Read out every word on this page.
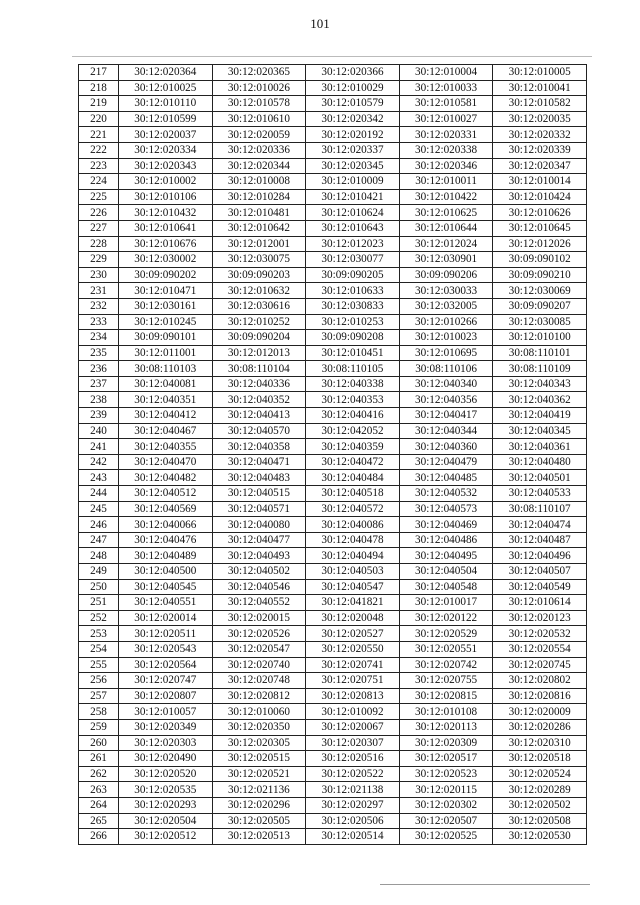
101
217	30:12:020364	30:12:020365	30:12:020366	30:12:010004	30:12:010005
218	30:12:010025	30:12:010026	30:12:010029	30:12:010033	30:12:010041
219	30:12:010110	30:12:010578	30:12:010579	30:12:010581	30:12:010582
220	30:12:010599	30:12:010610	30:12:020342	30:12:010027	30:12:020035
221	30:12:020037	30:12:020059	30:12:020192	30:12:020331	30:12:020332
222	30:12:020334	30:12:020336	30:12:020337	30:12:020338	30:12:020339
223	30:12:020343	30:12:020344	30:12:020345	30:12:020346	30:12:020347
224	30:12:010002	30:12:010008	30:12:010009	30:12:010011	30:12:010014
225	30:12:010106	30:12:010284	30:12:010421	30:12:010422	30:12:010424
226	30:12:010432	30:12:010481	30:12:010624	30:12:010625	30:12:010626
227	30:12:010641	30:12:010642	30:12:010643	30:12:010644	30:12:010645
228	30:12:010676	30:12:012001	30:12:012023	30:12:012024	30:12:012026
229	30:12:030002	30:12:030075	30:12:030077	30:12:030901	30:09:090102
230	30:09:090202	30:09:090203	30:09:090205	30:09:090206	30:09:090210
231	30:12:010471	30:12:010632	30:12:010633	30:12:030033	30:12:030069
232	30:12:030161	30:12:030616	30:12:030833	30:12:032005	30:09:090207
233	30:12:010245	30:12:010252	30:12:010253	30:12:010266	30:12:030085
234	30:09:090101	30:09:090204	30:09:090208	30:12:010023	30:12:010100
235	30:12:011001	30:12:012013	30:12:010451	30:12:010695	30:08:110101
236	30:08:110103	30:08:110104	30:08:110105	30:08:110106	30:08:110109
237	30:12:040081	30:12:040336	30:12:040338	30:12:040340	30:12:040343
238	30:12:040351	30:12:040352	30:12:040353	30:12:040356	30:12:040362
239	30:12:040412	30:12:040413	30:12:040416	30:12:040417	30:12:040419
240	30:12:040467	30:12:040570	30:12:042052	30:12:040344	30:12:040345
241	30:12:040355	30:12:040358	30:12:040359	30:12:040360	30:12:040361
242	30:12:040470	30:12:040471	30:12:040472	30:12:040479	30:12:040480
243	30:12:040482	30:12:040483	30:12:040484	30:12:040485	30:12:040501
244	30:12:040512	30:12:040515	30:12:040518	30:12:040532	30:12:040533
245	30:12:040569	30:12:040571	30:12:040572	30:12:040573	30:08:110107
246	30:12:040066	30:12:040080	30:12:040086	30:12:040469	30:12:040474
247	30:12:040476	30:12:040477	30:12:040478	30:12:040486	30:12:040487
248	30:12:040489	30:12:040493	30:12:040494	30:12:040495	30:12:040496
249	30:12:040500	30:12:040502	30:12:040503	30:12:040504	30:12:040507
250	30:12:040545	30:12:040546	30:12:040547	30:12:040548	30:12:040549
251	30:12:040551	30:12:040552	30:12:041821	30:12:010017	30:12:010614
252	30:12:020014	30:12:020015	30:12:020048	30:12:020122	30:12:020123
253	30:12:020511	30:12:020526	30:12:020527	30:12:020529	30:12:020532
254	30:12:020543	30:12:020547	30:12:020550	30:12:020551	30:12:020554
255	30:12:020564	30:12:020740	30:12:020741	30:12:020742	30:12:020745
256	30:12:020747	30:12:020748	30:12:020751	30:12:020755	30:12:020802
257	30:12:020807	30:12:020812	30:12:020813	30:12:020815	30:12:020816
258	30:12:010057	30:12:010060	30:12:010092	30:12:010108	30:12:020009
259	30:12:020349	30:12:020350	30:12:020067	30:12:020113	30:12:020286
260	30:12:020303	30:12:020305	30:12:020307	30:12:020309	30:12:020310
261	30:12:020490	30:12:020515	30:12:020516	30:12:020517	30:12:020518
262	30:12:020520	30:12:020521	30:12:020522	30:12:020523	30:12:020524
263	30:12:020535	30:12:021136	30:12:021138	30:12:020115	30:12:020289
264	30:12:020293	30:12:020296	30:12:020297	30:12:020302	30:12:020502
265	30:12:020504	30:12:020505	30:12:020506	30:12:020507	30:12:020508
266	30:12:020512	30:12:020513	30:12:020514	30:12:020525	30:12:020530
